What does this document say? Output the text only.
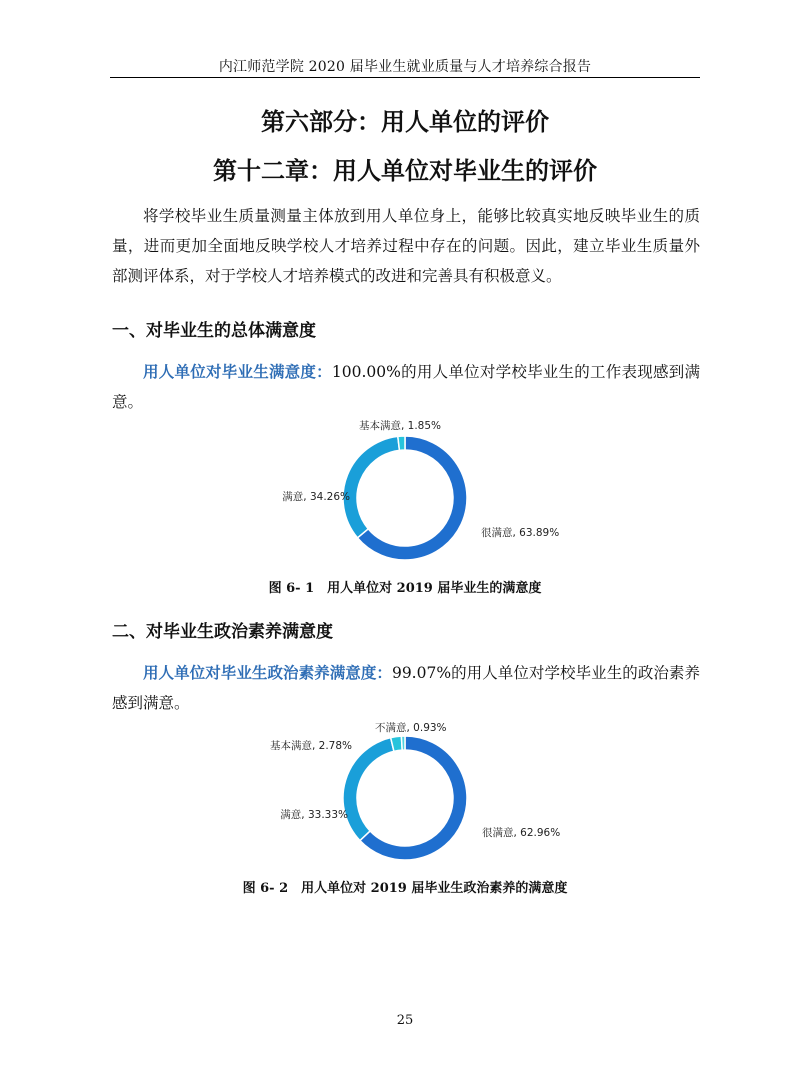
内江师范学院 2020 届毕业生就业质量与人才培养综合报告
第六部分：用人单位的评价
第十二章：用人单位对毕业生的评价
将学校毕业生质量测量主体放到用人单位身上，能够比较真实地反映毕业生的质量，进而更加全面地反映学校人才培养过程中存在的问题。因此，建立毕业生质量外部测评体系，对于学校人才培养模式的改进和完善具有积极意义。
一、对毕业生的总体满意度
用人单位对毕业生满意度：100.00%的用人单位对学校毕业生的工作表现感到满意。
很满意, 63.89%
满意, 34.26%
基本满意, 1.85%
图 6- 1　用人单位对 2019 届毕业生的满意度
二、对毕业生政治素养满意度
用人单位对毕业生政治素养满意度：99.07%的用人单位对学校毕业生的政治素养感到满意。
很满意, 62.96%
满意, 33.33%
基本满意, 2.78%
不满意, 0.93%
图 6- 2　用人单位对 2019 届毕业生政治素养的满意度
25
